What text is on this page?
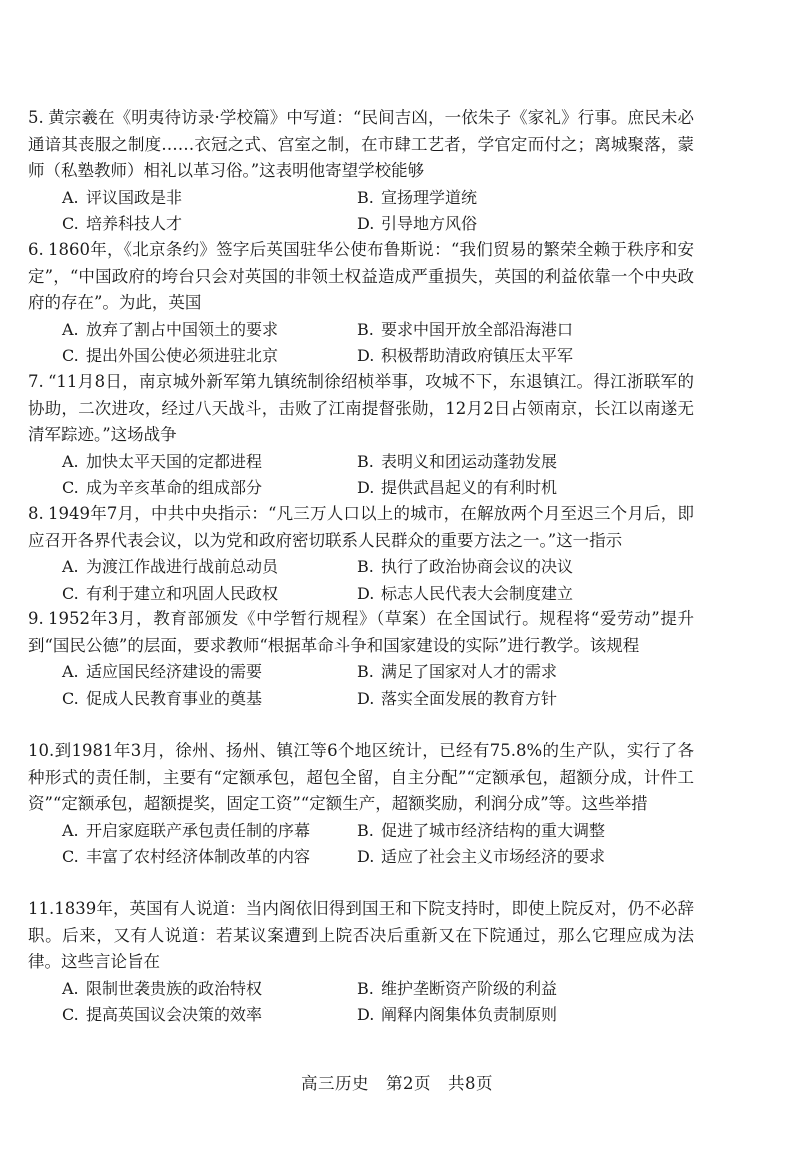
5. 黄宗羲在《明夷待访录·学校篇》中写道：“民间吉凶，一依朱子《家礼》行事。庶民未必通谙其丧服之制度……衣冠之式、宫室之制，在市肆工艺者，学官定而付之；离城聚落，蒙师（私塾教师）相礼以革习俗。”这表明他寄望学校能够

A. 评议国政是非	B. 宣扬理学道统
C. 培养科技人才	D. 引导地方风俗

6. 1860年，《北京条约》签字后英国驻华公使布鲁斯说：“我们贸易的繁荣全赖于秩序和安定”，“中国政府的垮台只会对英国的非领土权益造成严重损失，英国的利益依靠一个中央政府的存在”。为此，英国

A. 放弃了割占中国领土的要求	B. 要求中国开放全部沿海港口
C. 提出外国公使必须进驻北京	D. 积极帮助清政府镇压太平军

7. “11月8日，南京城外新军第九镇统制徐绍桢举事，攻城不下，东退镇江。得江浙联军的协助，二次进攻，经过八天战斗，击败了江南提督张勋，12月2日占领南京，长江以南遂无清军踪迹。”这场战争

A. 加快太平天国的定都进程	B. 表明义和团运动蓬勃发展
C. 成为辛亥革命的组成部分	D. 提供武昌起义的有利时机

8. 1949年7月，中共中央指示：“凡三万人口以上的城市，在解放两个月至迟三个月后，即应召开各界代表会议，以为党和政府密切联系人民群众的重要方法之一。”这一指示

A. 为渡江作战进行战前总动员	B. 执行了政治协商会议的决议
C. 有利于建立和巩固人民政权	D. 标志人民代表大会制度建立

9. 1952年3月，教育部颁发《中学暂行规程》（草案）在全国试行。规程将“爱劳动”提升到“国民公德”的层面，要求教师“根据革命斗争和国家建设的实际”进行教学。该规程

A. 适应国民经济建设的需要	B. 满足了国家对人才的需求
C. 促成人民教育事业的奠基	D. 落实全面发展的教育方针

10.到1981年3月，徐州、扬州、镇江等6个地区统计，已经有75.8%的生产队，实行了各种形式的责任制，主要有“定额承包，超包全留，自主分配”“定额承包，超额分成，计件工资”“定额承包，超额提奖，固定工资”“定额生产，超额奖励，利润分成”等。这些举措

A. 开启家庭联产承包责任制的序幕	B. 促进了城市经济结构的重大调整
C. 丰富了农村经济体制改革的内容	D. 适应了社会主义市场经济的要求

11.1839年，英国有人说道：当内阁依旧得到国王和下院支持时，即使上院反对，仍不必辞职。后来，又有人说道：若某议案遭到上院否决后重新又在下院通过，那么它理应成为法律。这些言论旨在

A. 限制世袭贵族的政治特权	B. 维护垄断资产阶级的利益
C. 提高英国议会决策的效率	D. 阐释内阁集体负责制原则
高三历史　第2页　共8页
